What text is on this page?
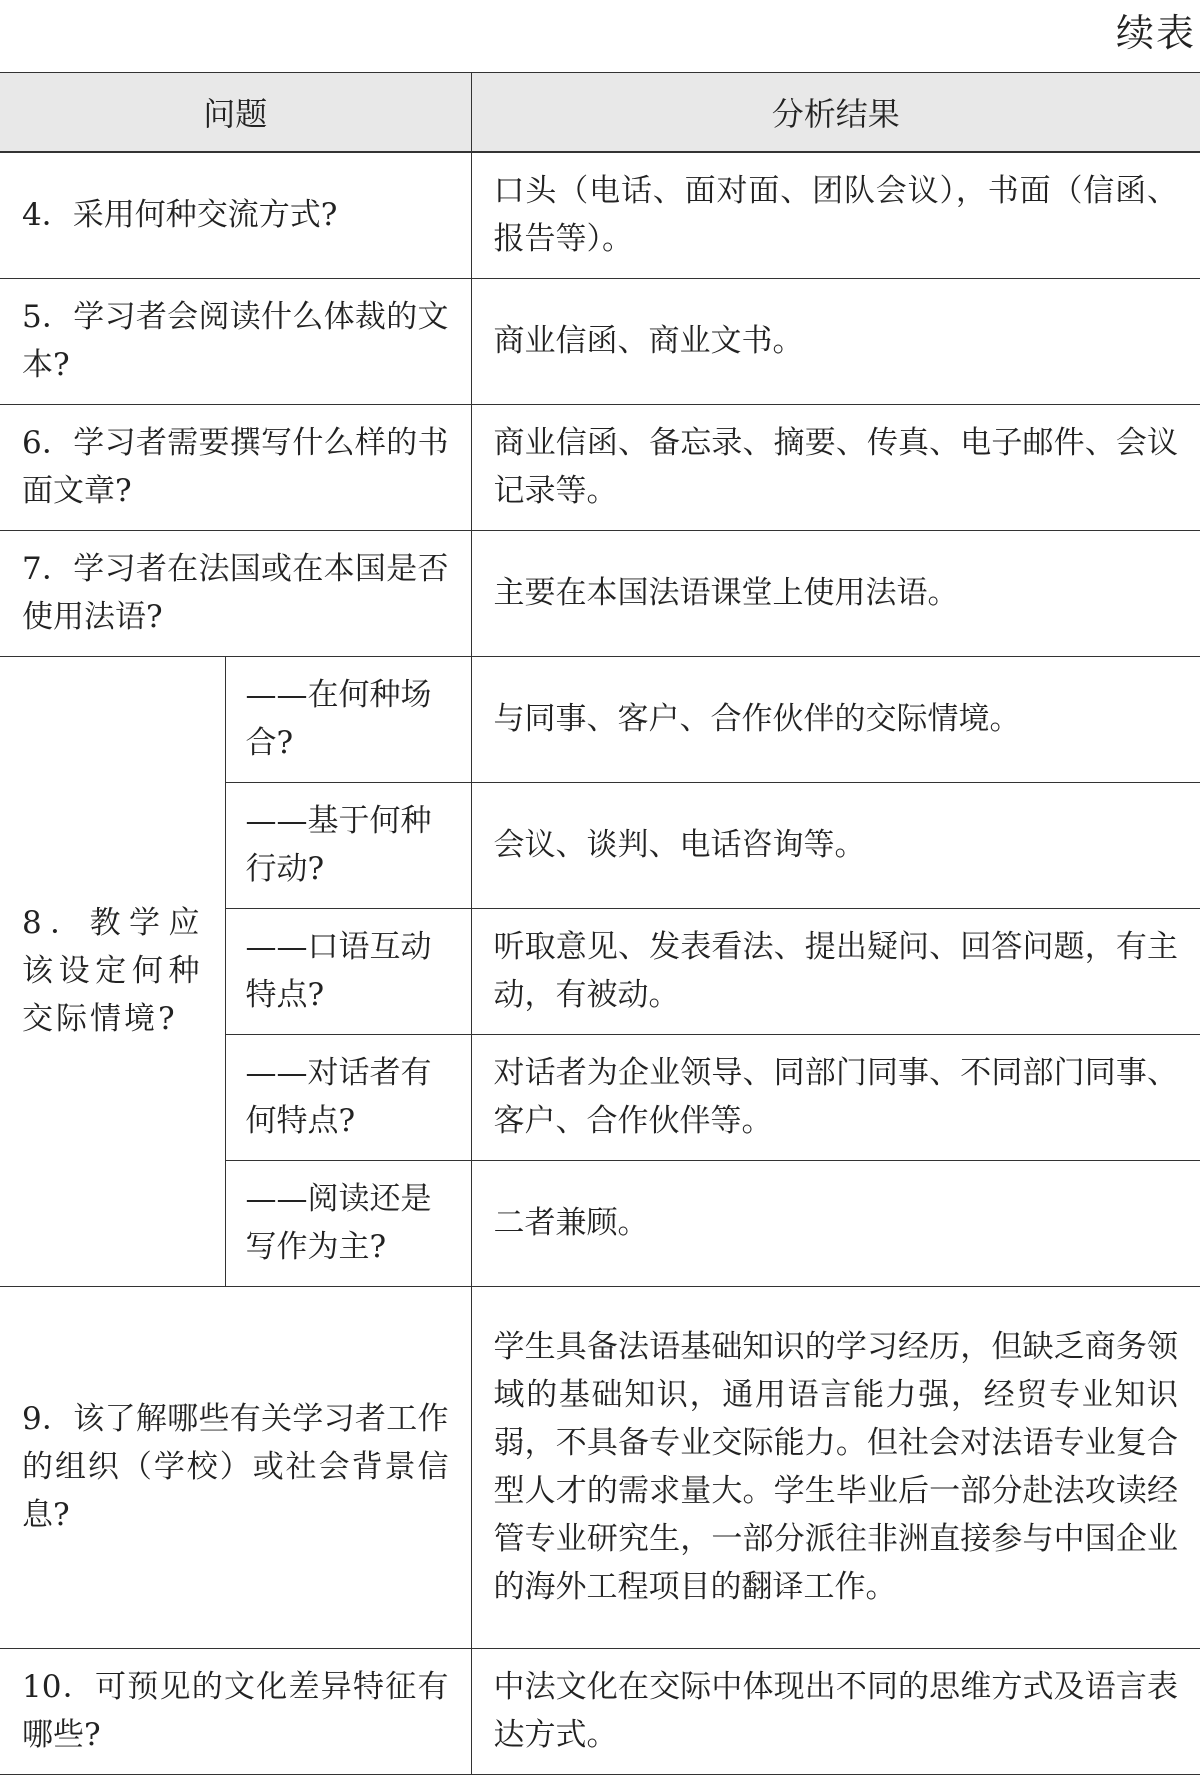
续表
问题		分析结果
4．采用何种交流方式?		口头（电话、面对面、团队会议），书面（信函、报告等）。
5．学习者会阅读什么体裁的文本?		商业信函、商业文书。
6．学习者需要撰写什么样的书面文章?		商业信函、备忘录、摘要、传真、电子邮件、会议记录等。
7．学习者在法国或在本国是否使用法语?		主要在本国法语课堂上使用法语。
8．教学应该设定何种交际情境?	——在何种场合?	与同事、客户、合作伙伴的交际情境。
	——基于何种行动?	会议、谈判、电话咨询等。
	——口语互动特点?	听取意见、发表看法、提出疑问、回答问题，有主动，有被动。
	——对话者有何特点?	对话者为企业领导、同部门同事、不同部门同事、客户、合作伙伴等。
	——阅读还是写作为主?	二者兼顾。
9．该了解哪些有关学习者工作的组织（学校）或社会背景信息?		学生具备法语基础知识的学习经历，但缺乏商务领域的基础知识，通用语言能力强，经贸专业知识弱，不具备专业交际能力。但社会对法语专业复合型人才的需求量大。学生毕业后一部分赴法攻读经管专业研究生，一部分派往非洲直接参与中国企业的海外工程项目的翻译工作。
10．可预见的文化差异特征有哪些?		中法文化在交际中体现出不同的思维方式及语言表达方式。
